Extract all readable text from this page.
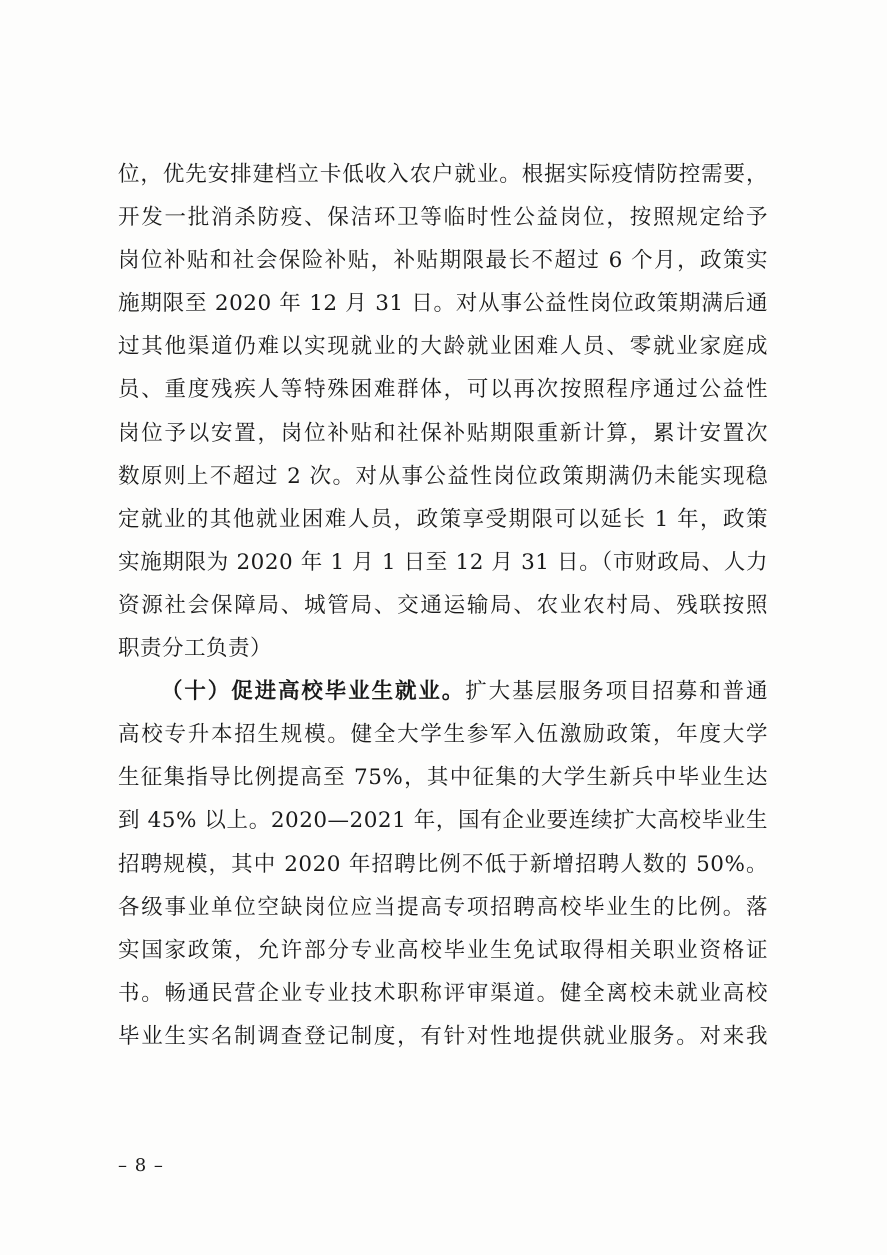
位，优先安排建档立卡低收入农户就业。根据实际疫情防控需要，
开发一批消杀防疫、保洁环卫等临时性公益岗位，按照规定给予
岗位补贴和社会保险补贴，补贴期限最长不超过 6 个月，政策实
施期限至 2020 年 12 月 31 日。对从事公益性岗位政策期满后通
过其他渠道仍难以实现就业的大龄就业困难人员、零就业家庭成
员、重度残疾人等特殊困难群体，可以再次按照程序通过公益性
岗位予以安置，岗位补贴和社保补贴期限重新计算，累计安置次
数原则上不超过 2 次。对从事公益性岗位政策期满仍未能实现稳
定就业的其他就业困难人员，政策享受期限可以延长 1 年，政策
实施期限为 2020 年 1 月 1 日至 12 月 31 日。（市财政局、人力
资源社会保障局、城管局、交通运输局、农业农村局、残联按照
职责分工负责）
（十）促进高校毕业生就业。扩大基层服务项目招募和普通
高校专升本招生规模。健全大学生参军入伍激励政策，年度大学
生征集指导比例提高至 75%，其中征集的大学生新兵中毕业生达
到 45% 以上。2020—2021 年，国有企业要连续扩大高校毕业生
招聘规模，其中 2020 年招聘比例不低于新增招聘人数的 50%。
各级事业单位空缺岗位应当提高专项招聘高校毕业生的比例。落
实国家政策，允许部分专业高校毕业生免试取得相关职业资格证
书。畅通民营企业专业技术职称评审渠道。健全离校未就业高校
毕业生实名制调查登记制度，有针对性地提供就业服务。对来我
– 8 –
